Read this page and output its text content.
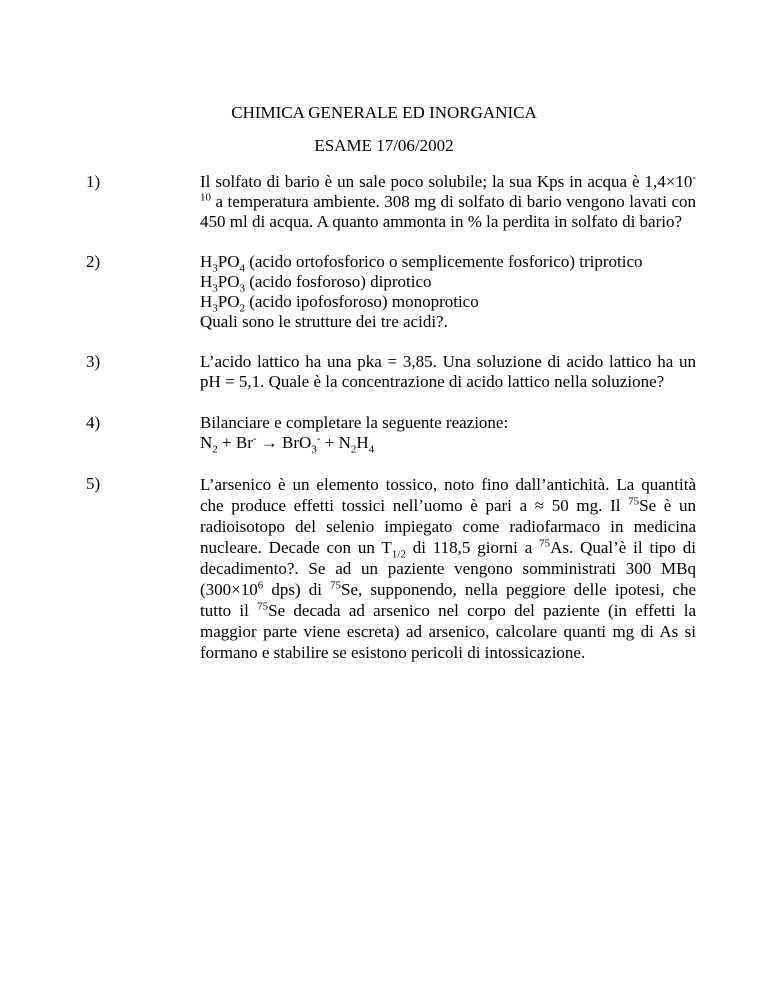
CHIMICA GENERALE ED INORGANICA
ESAME 17/06/2002
1)	Il solfato di bario è un sale poco solubile; la sua Kps in acqua è $1,4\times 10^{-10}$ a temperatura ambiente. 308 mg di solfato di bario vengono lavati con 450 ml di acqua. A quanto ammonta in % la perdita in solfato di bario?

2)	$H_3PO_4$ (acido ortofosforico o semplicemente fosforico) triprotico
$H_3PO_3$ (acido fosforoso) diprotico
$H_3PO_2$ (acido ipofosforoso) monoprotico
Quali sono le strutture dei tre acidi?.
3)	L’acido lattico ha una pka = 3,85. Una soluzione di acido lattico ha un pH = 5,1. Quale è la concentrazione di acido lattico nella soluzione?

4)	Bilanciare e completare la seguente reazione:
$N_2 + Br^- \to BrO_3^- + N_2H_4$
5)	L’arsenico è un elemento tossico, noto fino dall’antichità. La quantità che produce effetti tossici nell’uomo è pari a ≈ 50 mg. Il $^{75}$Se è un radioisotopo del selenio impiegato come radiofarmaco in medicina nucleare. Decade con un $T_{1/2}$ di 118,5 giorni a $^{75}$As. Qual’è il tipo di decadimento?. Se ad un paziente vengono somministrati 300 MBq ($300\times 10^6$ dps) di $^{75}$Se, supponendo, nella peggiore delle ipotesi, che tutto il $^{75}$Se decada ad arsenico nel corpo del paziente (in effetti la maggior parte viene escreta) ad arsenico, calcolare quanti mg di As si formano e stabilire se esistono pericoli di intossicazione.
